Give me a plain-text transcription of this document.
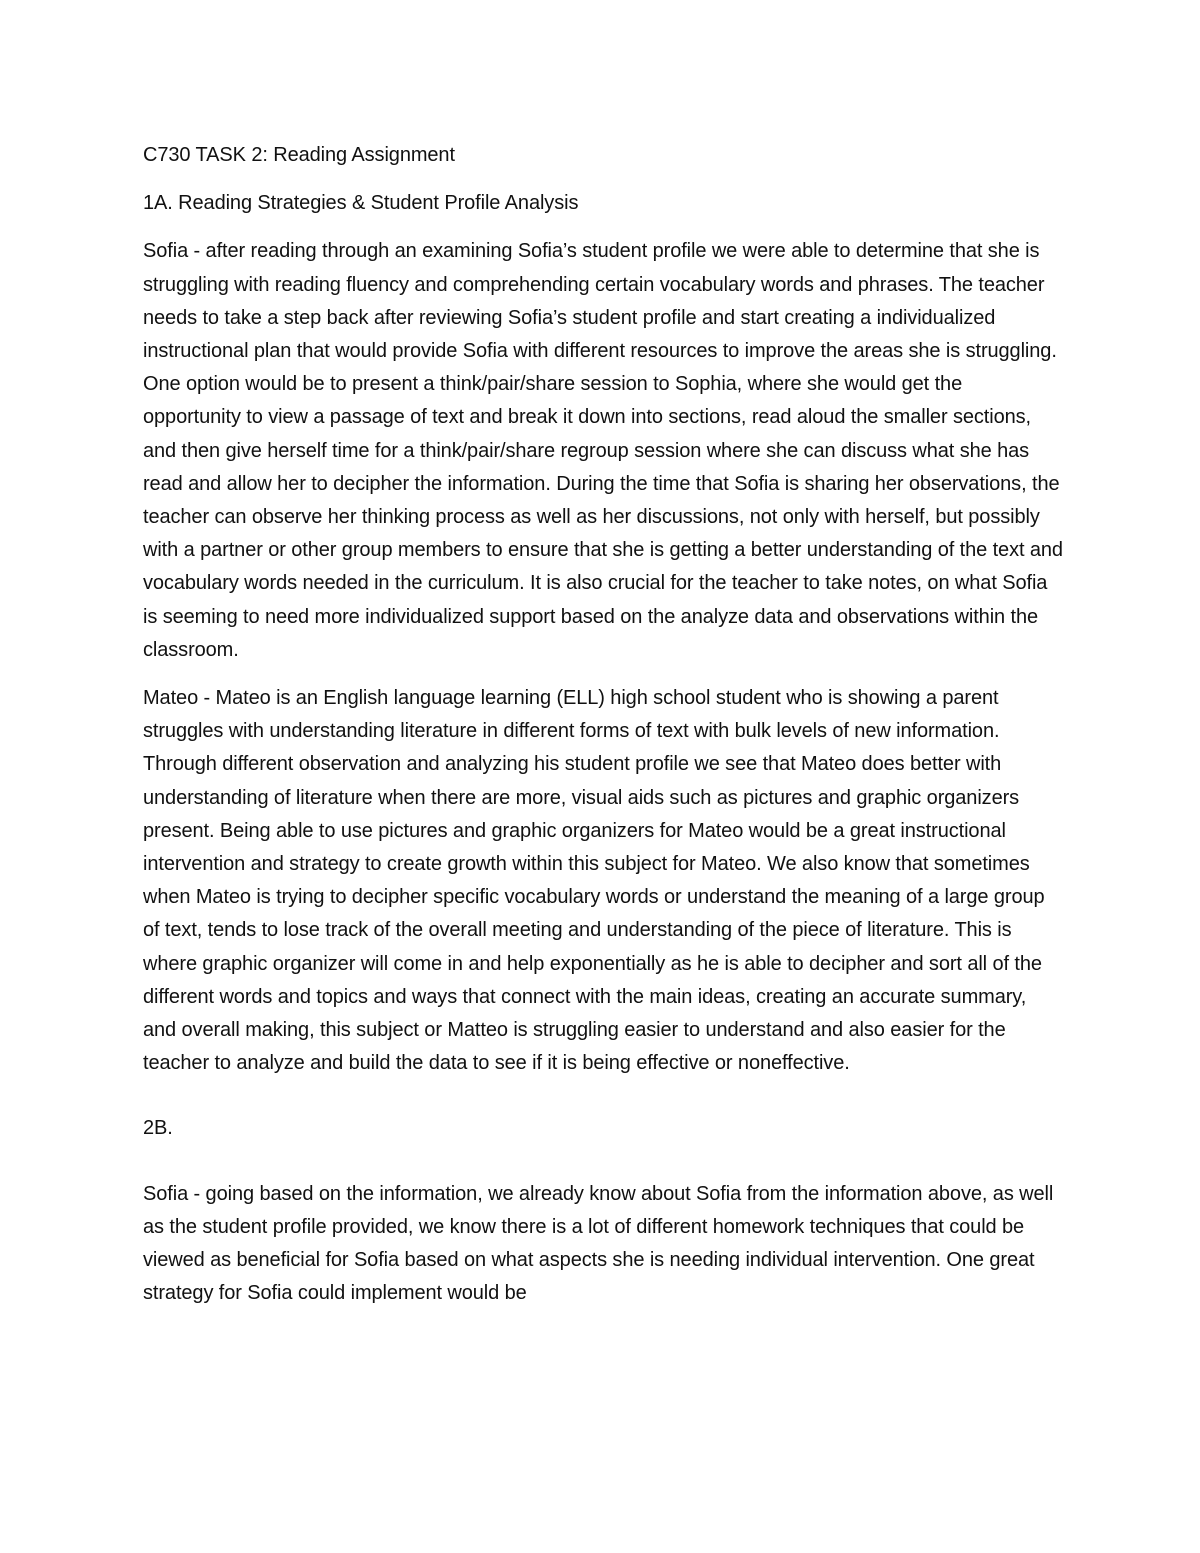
C730 TASK 2: Reading Assignment

1A. Reading Strategies & Student Profile Analysis

Sofia - after reading through an examining Sofia’s student profile we were able to determine that she is struggling with reading fluency and comprehending certain vocabulary words and phrases. The teacher needs to take a step back after reviewing Sofia’s student profile and start creating a individualized instructional plan that would provide Sofia with different resources to improve the areas she is struggling. One option would be to present a think/pair/share session to Sophia, where she would get the opportunity to view a passage of text and break it down into sections, read aloud the smaller sections, and then give herself time for a think/pair/share regroup session where she can discuss what she has read and allow her to decipher the information. During the time that Sofia is sharing her observations, the teacher can observe her thinking process as well as her discussions, not only with herself, but possibly with a partner or other group members to ensure that she is getting a better understanding of the text and vocabulary words needed in the curriculum. It is also crucial for the teacher to take notes, on what Sofia is seeming to need more individualized support based on the analyze data and observations within the classroom.

Mateo - Mateo is an English language learning (ELL) high school student who is showing a parent struggles with understanding literature in different forms of text with bulk levels of new information. Through different observation and analyzing his student profile we see that Mateo does better with understanding of literature when there are more, visual aids such as pictures and graphic organizers present. Being able to use pictures and graphic organizers for Mateo would be a great instructional intervention and strategy to create growth within this subject for Mateo. We also know that sometimes when Mateo is trying to decipher specific vocabulary words or understand the meaning of a large group of text, tends to lose track of the overall meeting and understanding of the piece of literature. This is where graphic organizer will come in and help exponentially as he is able to decipher and sort all of the different words and topics and ways that connect with the main ideas, creating an accurate summary, and overall making, this subject or Matteo is struggling easier to understand and also easier for the teacher to analyze and build the data to see if it is being effective or noneffective.

2B.

Sofia - going based on the information, we already know about Sofia from the information above, as well as the student profile provided, we know there is a lot of different homework techniques that could be viewed as beneficial for Sofia based on what aspects she is needing individual intervention. One great strategy for Sofia could implement would be
